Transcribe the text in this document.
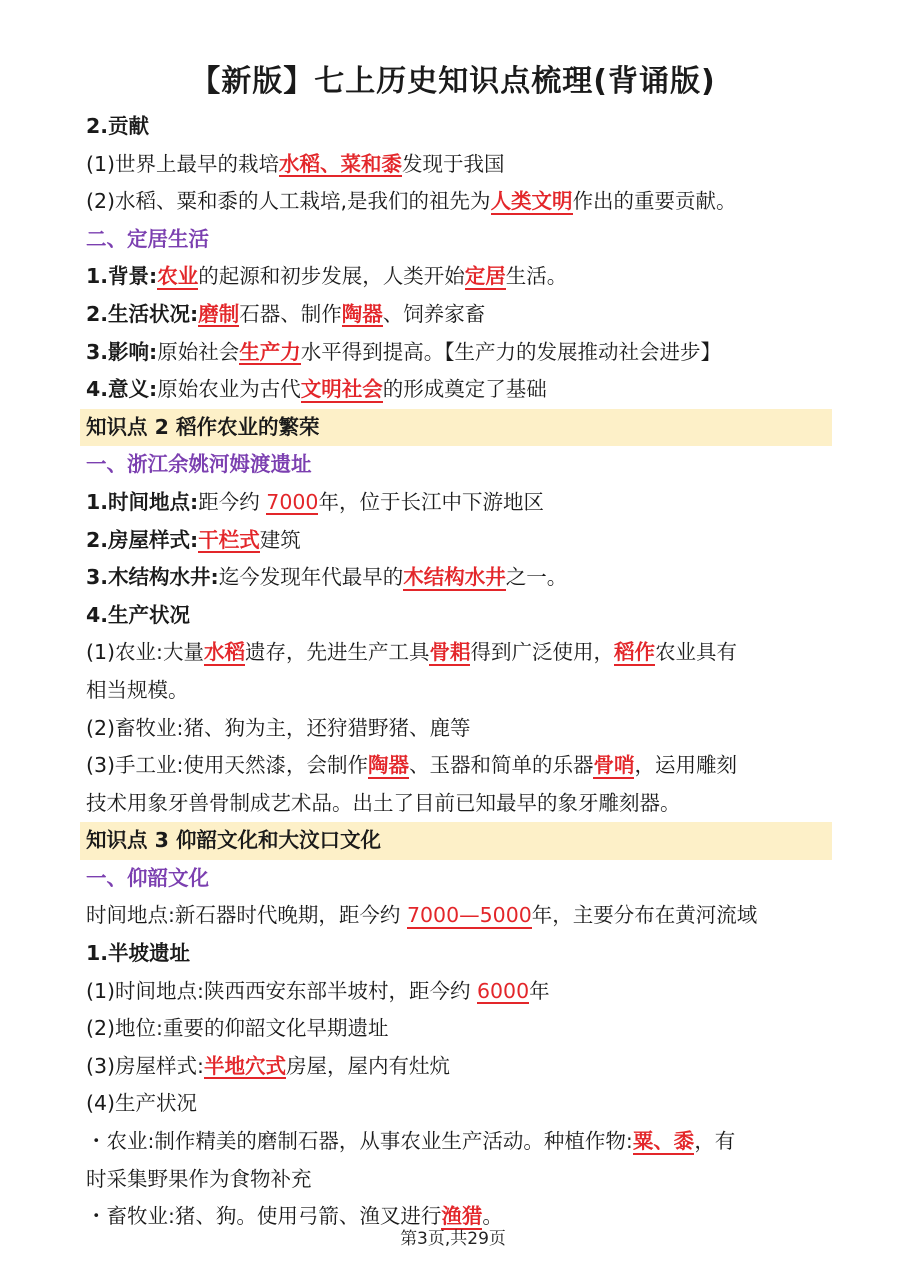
【新版】七上历史知识点梳理(背诵版)
2.贡献
(1)世界上最早的栽培水稻、菜和黍发现于我国
(2)水稻、粟和黍的人工栽培,是我们的祖先为人类文明作出的重要贡献。
二、定居生活
1.背景:农业的起源和初步发展，人类开始定居生活。
2.生活状况:磨制石器、制作陶器、饲养家畜
3.影响:原始社会生产力水平得到提高。【生产力的发展推动社会进步】
4.意义:原始农业为古代文明社会的形成奠定了基础
知识点 2 稻作农业的繁荣
一、浙江余姚河姆渡遗址
1.时间地点:距今约 7000年，位于长江中下游地区
2.房屋样式:干栏式建筑
3.木结构水井:迄今发现年代最早的木结构水井之一。
4.生产状况
(1)农业:大量水稻遗存，先进生产工具骨耜得到广泛使用，稻作农业具有
相当规模。
(2)畜牧业:猪、狗为主，还狩猎野猪、鹿等
(3)手工业:使用天然漆，会制作陶器、玉器和简单的乐器骨哨，运用雕刻
技术用象牙兽骨制成艺术品。出土了目前已知最早的象牙雕刻器。
知识点 3 仰韶文化和大汶口文化
一、仰韶文化
时间地点:新石器时代晚期，距今约 7000—5000年，主要分布在黄河流域
1.半坡遗址
(1)时间地点:陕西西安东部半坡村，距今约 6000年
(2)地位:重要的仰韶文化早期遗址
(3)房屋样式:半地穴式房屋，屋内有灶炕
(4)生产状况
・农业:制作精美的磨制石器，从事农业生产活动。种植作物:粟、黍，有
时采集野果作为食物补充
・畜牧业:猪、狗。使用弓箭、渔叉进行渔猎。
第3页,共29页
